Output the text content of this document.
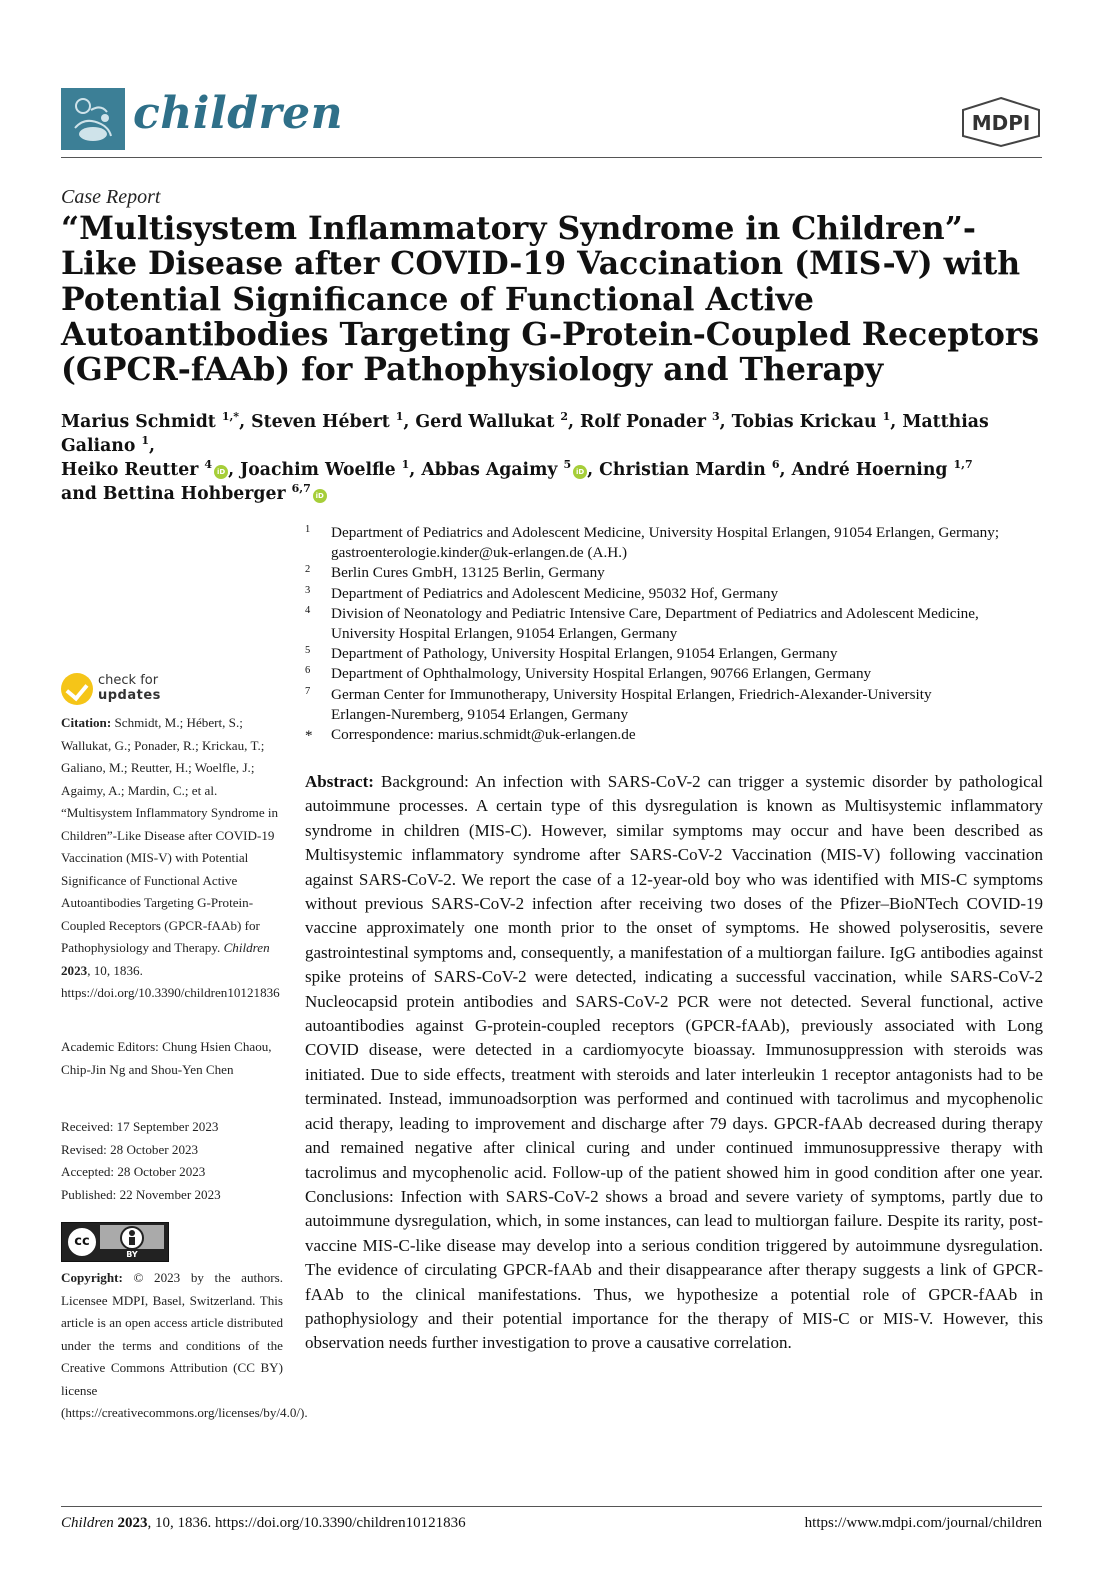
children	MDPI
Case Report
“Multisystem Inflammatory Syndrome in Children”-Like Disease after COVID-19 Vaccination (MIS-V) with Potential Significance of Functional Active Autoantibodies Targeting G-Protein-Coupled Receptors (GPCR-fAAb) for Pathophysiology and Therapy
Marius Schmidt $^{1,*}$, Steven Hébert $^1$, Gerd Wallukat $^2$, Rolf Ponader $^3$, Tobias Krickau $^1$, Matthias Galiano $^1$,
Heiko Reutter $^4$iD , Joachim Woelfle $^1$, Abbas Agaimy $^5$iD , Christian Mardin $^6$, André Hoerning $^{1,7}$
and Bettina Hohberger $^{6,7}$iD
1 Department of Pediatrics and Adolescent Medicine, University Hospital Erlangen, 91054 Erlangen, Germany;
gastroenterologie.kinder@uk-erlangen.de (A.H.)
2 Berlin Cures GmbH, 13125 Berlin, Germany
3 Department of Pediatrics and Adolescent Medicine, 95032 Hof, Germany
4 Division of Neonatology and Pediatric Intensive Care, Department of Pediatrics and Adolescent Medicine,
University Hospital Erlangen, 91054 Erlangen, Germany
5 Department of Pathology, University Hospital Erlangen, 91054 Erlangen, Germany
6 Department of Ophthalmology, University Hospital Erlangen, 90766 Erlangen, Germany
7 German Center for Immunotherapy, University Hospital Erlangen, Friedrich-Alexander-University
Erlangen-Nuremberg, 91054 Erlangen, Germany
* Correspondence: marius.schmidt@uk-erlangen.de
Abstract: Background: An infection with SARS-CoV-2 can trigger a systemic disorder by pathological autoimmune processes. A certain type of this dysregulation is known as Multisystemic inflammatory syndrome in children (MIS-C). However, similar symptoms may occur and have been described as Multisystemic inflammatory syndrome after SARS-CoV-2 Vaccination (MIS-V) following vaccination against SARS-CoV-2. We report the case of a 12-year-old boy who was identified with MIS-C symptoms without previous SARS-CoV-2 infection after receiving two doses of the Pfizer–BioNTech COVID-19 vaccine approximately one month prior to the onset of symptoms. He showed polyserositis, severe gastrointestinal symptoms and, consequently, a manifestation of a multiorgan failure. IgG antibodies against spike proteins of SARS-CoV-2 were detected, indicating a successful vaccination, while SARS-CoV-2 Nucleocapsid protein antibodies and SARS-CoV-2 PCR were not detected. Several functional, active autoantibodies against G-protein-coupled receptors (GPCR-fAAb), previously associated with Long COVID disease, were detected in a cardiomyocyte bioassay. Immunosuppression with steroids was initiated. Due to side effects, treatment with steroids and later interleukin 1 receptor antagonists had to be terminated. Instead, immunoadsorption was performed and continued with tacrolimus and mycophenolic acid therapy, leading to improvement and discharge after 79 days. GPCR-fAAb decreased during therapy and remained negative after clinical curing and under continued immunosuppressive therapy with tacrolimus and mycophenolic acid. Follow-up of the patient showed him in good condition after one year. Conclusions: Infection with SARS-CoV-2 shows a broad and severe variety of symptoms, partly due to autoimmune dysregulation, which, in some instances, can lead to multiorgan failure. Despite its rarity, post-vaccine MIS-C-like disease may develop into a serious condition triggered by autoimmune dysregulation. The evidence of circulating GPCR-fAAb and their disappearance after therapy suggests a link of GPCR-fAAb to the clinical manifestations. Thus, we hypothesize a potential role of GPCR-fAAb in pathophysiology and their potential importance for the therapy of MIS-C or MIS-V. However, this observation needs further investigation to prove a causative correlation.
check for
updates
Citation: Schmidt, M.; Hébert, S.; Wallukat, G.; Ponader, R.; Krickau, T.; Galiano, M.; Reutter, H.; Woelfle, J.; Agaimy, A.; Mardin, C.; et al. “Multisystem Inflammatory Syndrome in Children”-Like Disease after COVID-19 Vaccination (MIS-V) with Potential Significance of Functional Active Autoantibodies Targeting G-Protein-Coupled Receptors (GPCR-fAAb) for Pathophysiology and Therapy. Children 2023, 10, 1836. https://doi.org/10.3390/children10121836
Academic Editors: Chung Hsien Chaou, Chip-Jin Ng and Shou-Yen Chen
Received: 17 September 2023
Revised: 28 October 2023
Accepted: 28 October 2023
Published: 22 November 2023
cc
BY
Copyright: © 2023 by the authors. Licensee MDPI, Basel, Switzerland. This article is an open access article distributed under the terms and conditions of the Creative Commons Attribution (CC BY) license (https://creativecommons.org/licenses/by/4.0/).
Children 2023, 10, 1836. https://doi.org/10.3390/children10121836	https://www.mdpi.com/journal/children
